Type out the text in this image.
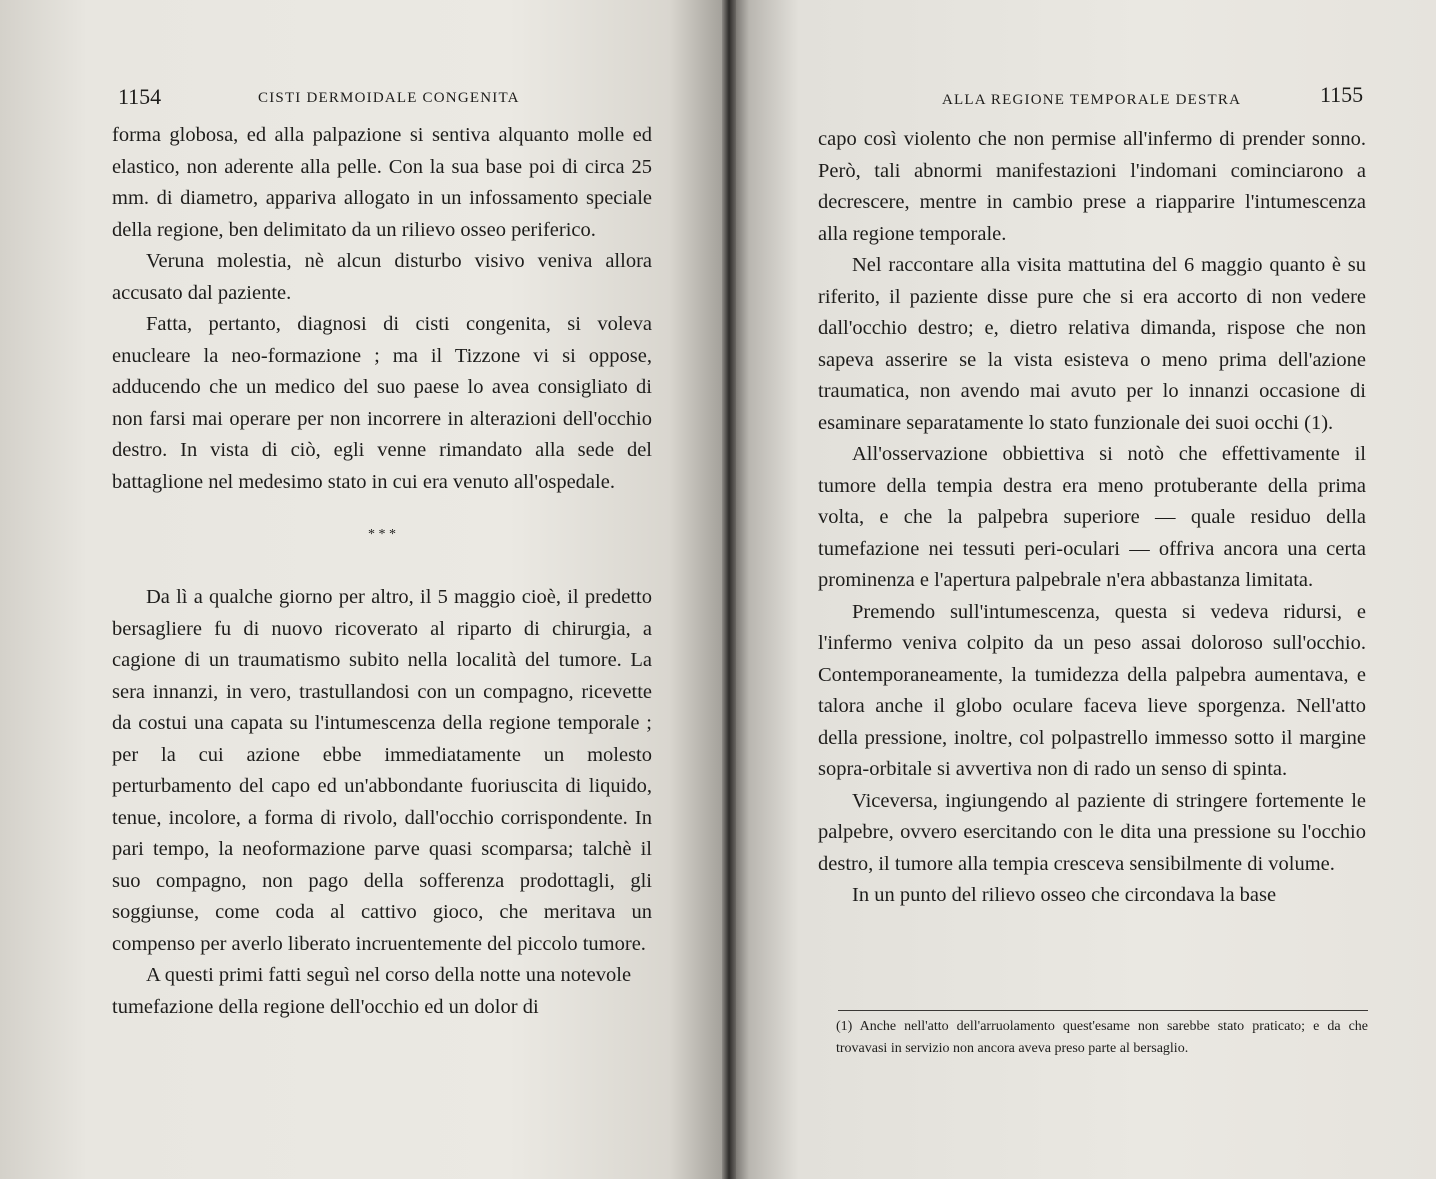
1154	CISTI DERMOIDALE CONGENITA

forma globosa, ed alla palpazione si sentiva alquanto molle ed elastico, non aderente alla pelle. Con la sua base poi di circa 25 mm. di diametro, appariva allogato in un infossamento speciale della regione, ben delimitato da un rilievo osseo periferico.

Veruna molestia, nè alcun disturbo visivo veniva allora accusato dal paziente.

Fatta, pertanto, diagnosi di cisti congenita, si voleva enucleare la neo-formazione ; ma il Tizzone vi si oppose, adducendo che un medico del suo paese lo avea consigliato di non farsi mai operare per non incorrere in alterazioni dell'occhio destro. In vista di ciò, egli venne rimandato alla sede del battaglione nel medesimo stato in cui era venuto all'ospedale.

* * *

Da lì a qualche giorno per altro, il 5 maggio cioè, il predetto bersagliere fu di nuovo ricoverato al riparto di chirurgia, a cagione di un traumatismo subito nella località del tumore. La sera innanzi, in vero, trastullandosi con un compagno, ricevette da costui una capata su l'intumescenza della regione temporale ; per la cui azione ebbe immediatamente un molesto perturbamento del capo ed un'abbondante fuoriuscita di liquido, tenue, incolore, a forma di rivolo, dall'occhio corrispondente. In pari tempo, la neoformazione parve quasi scomparsa; talchè il suo compagno, non pago della sofferenza prodottagli, gli soggiunse, come coda al cattivo gioco, che meritava un compenso per averlo liberato incruentemente del piccolo tumore.

A questi primi fatti seguì nel corso della notte una notevole tumefazione della regione dell'occhio ed un dolor di

ALLA REGIONE TEMPORALE DESTRA	1155

capo così violento che non permise all'infermo di prender sonno. Però, tali abnormi manifestazioni l'indomani cominciarono a decrescere, mentre in cambio prese a riapparire l'intumescenza alla regione temporale.

Nel raccontare alla visita mattutina del 6 maggio quanto è su riferito, il paziente disse pure che si era accorto di non vedere dall'occhio destro; e, dietro relativa dimanda, rispose che non sapeva asserire se la vista esisteva o meno prima dell'azione traumatica, non avendo mai avuto per lo innanzi occasione di esaminare separatamente lo stato funzionale dei suoi occhi (1).

All'osservazione obbiettiva si notò che effettivamente il tumore della tempia destra era meno protuberante della prima volta, e che la palpebra superiore — quale residuo della tumefazione nei tessuti peri-oculari — offriva ancora una certa prominenza e l'apertura palpebrale n'era abbastanza limitata.

Premendo sull'intumescenza, questa si vedeva ridursi, e l'infermo veniva colpito da un peso assai doloroso sull'occhio. Contemporaneamente, la tumidezza della palpebra aumentava, e talora anche il globo oculare faceva lieve sporgenza. Nell'atto della pressione, inoltre, col polpastrello immesso sotto il margine sopra-orbitale si avvertiva non di rado un senso di spinta.

Viceversa, ingiungendo al paziente di stringere fortemente le palpebre, ovvero esercitando con le dita una pressione su l'occhio destro, il tumore alla tempia cresceva sensibilmente di volume.

In un punto del rilievo osseo che circondava la base

(1) Anche nell'atto dell'arruolamento quest'esame non sarebbe stato praticato; e da che trovavasi in servizio non ancora aveva preso parte al bersaglio.
